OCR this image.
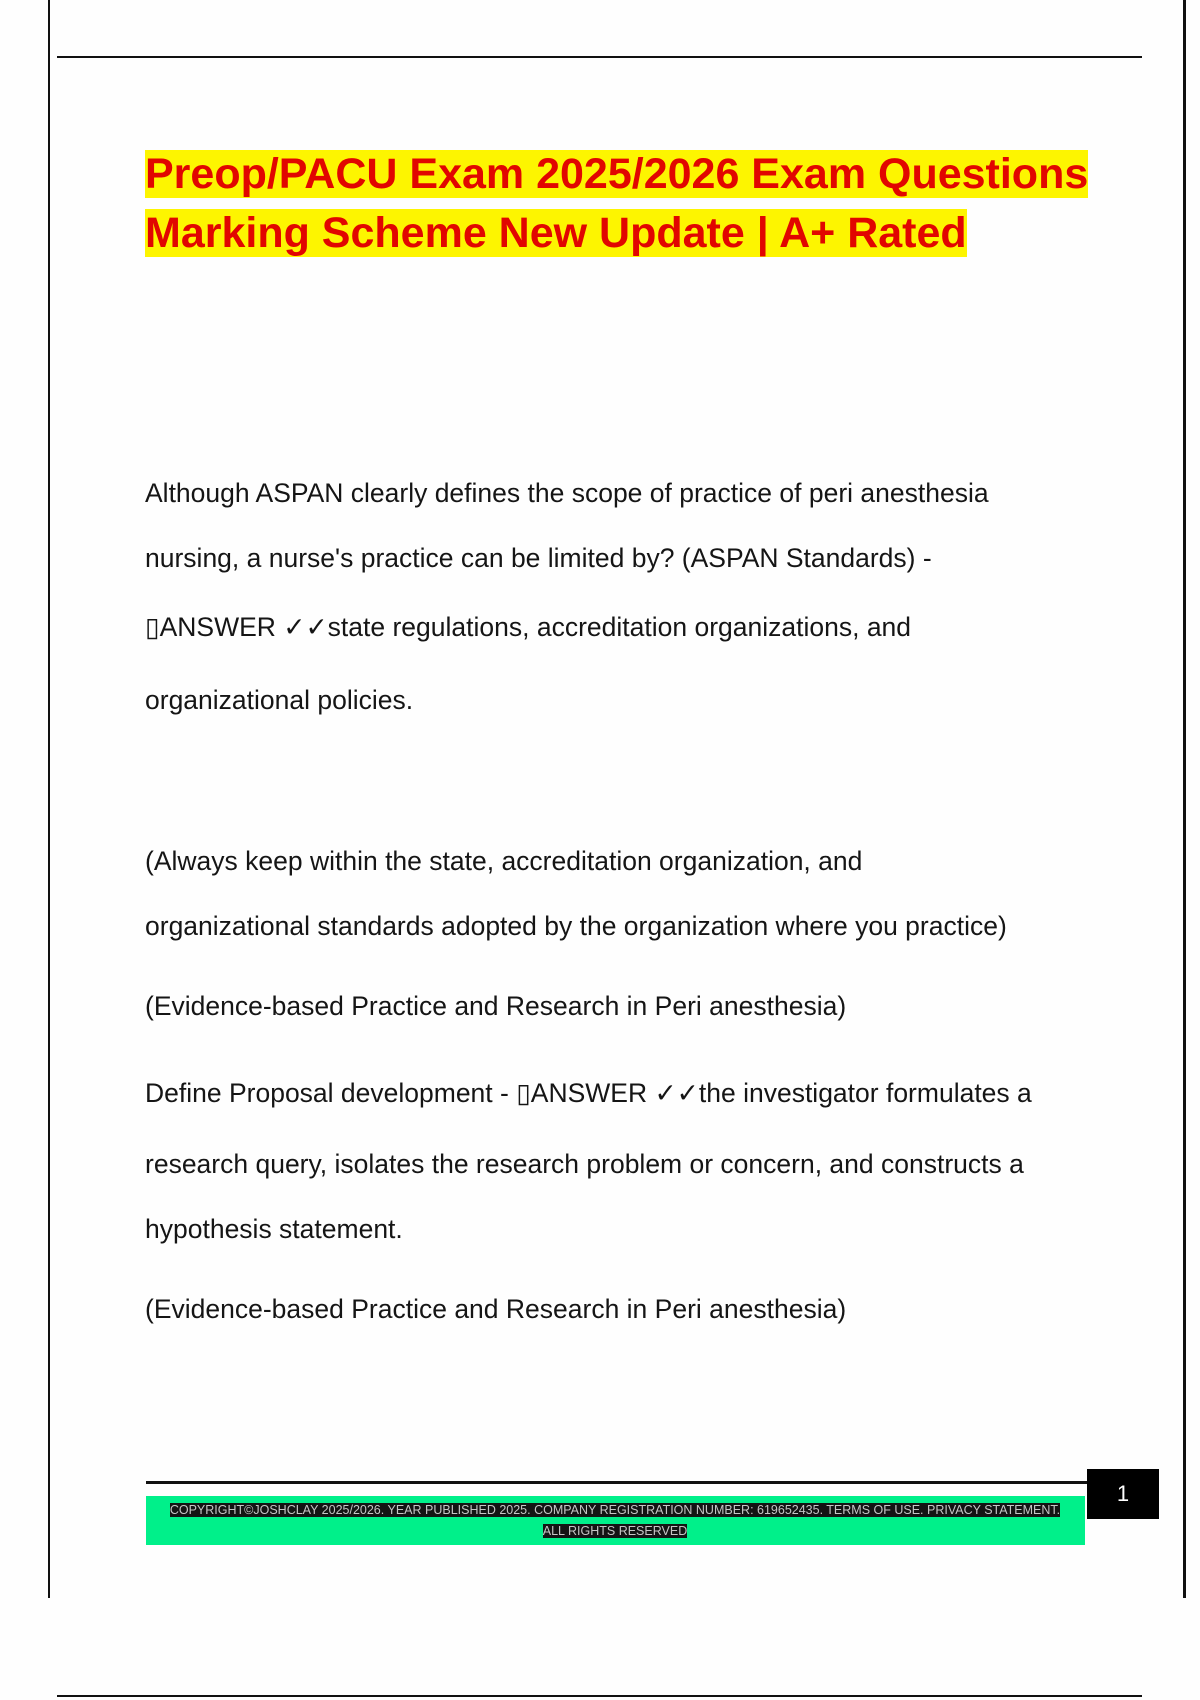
Preop/PACU Exam 2025/2026 Exam Questions Marking Scheme New Update | A+ Rated

Although ASPAN clearly defines the scope of practice of peri anesthesia

nursing, a nurse's practice can be limited by? (ASPAN Standards) -

▯ANSWER ✓✓state regulations, accreditation organizations, and

organizational policies.

(Always keep within the state, accreditation organization, and

organizational standards adopted by the organization where you practice)

(Evidence-based Practice and Research in Peri anesthesia)

Define Proposal development - ▯ANSWER ✓✓the investigator formulates a

research query, isolates the research problem or concern, and constructs a

hypothesis statement.

(Evidence-based Practice and Research in Peri anesthesia)

COPYRIGHT©JOSHCLAY 2025/2026. YEAR PUBLISHED 2025. COMPANY REGISTRATION NUMBER: 619652435. TERMS OF USE. PRIVACY STATEMENT. ALL RIGHTS RESERVED
1
